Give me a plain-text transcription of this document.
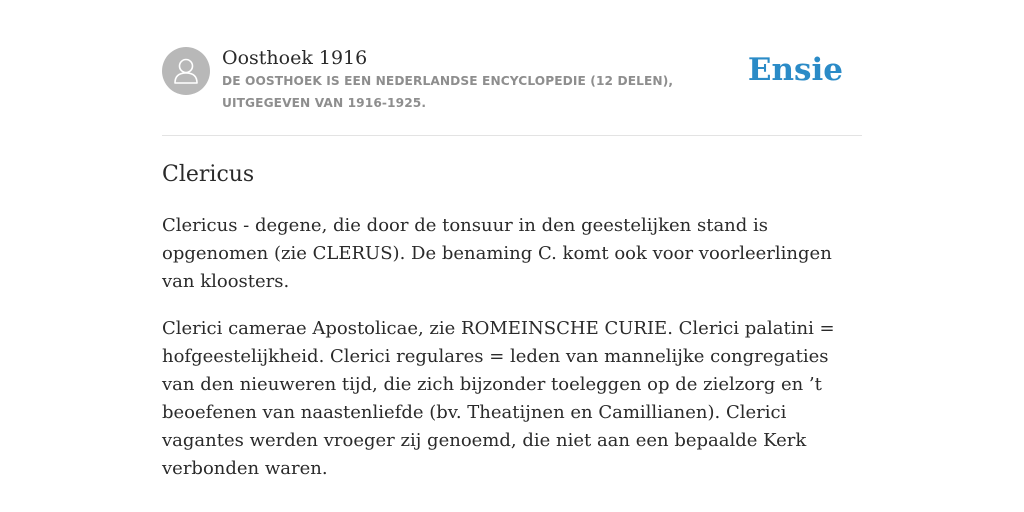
Oosthoek 1916

DE OOSTHOEK IS EEN NEDERLANDSE ENCYCLOPEDIE (12 DELEN), UITGEGEVEN VAN 1916-1925.

Ensie
Clericus

Clericus - degene, die door de tonsuur in den geestelijken stand is opgenomen (zie CLERUS). De benaming C. komt ook voor voorleerlingen van kloosters.

Clerici camerae Apostolicae, zie ROMEINSCHE CURIE. Clerici palatini = hofgeestelijkheid. Clerici regulares = leden van mannelijke congregaties van den nieuweren tijd, die zich bijzonder toeleggen op de zielzorg en ’t beoefenen van naastenliefde (bv. Theatijnen en Camillianen). Clerici vagantes werden vroeger zij genoemd, die niet aan een bepaalde Kerk verbonden waren.
